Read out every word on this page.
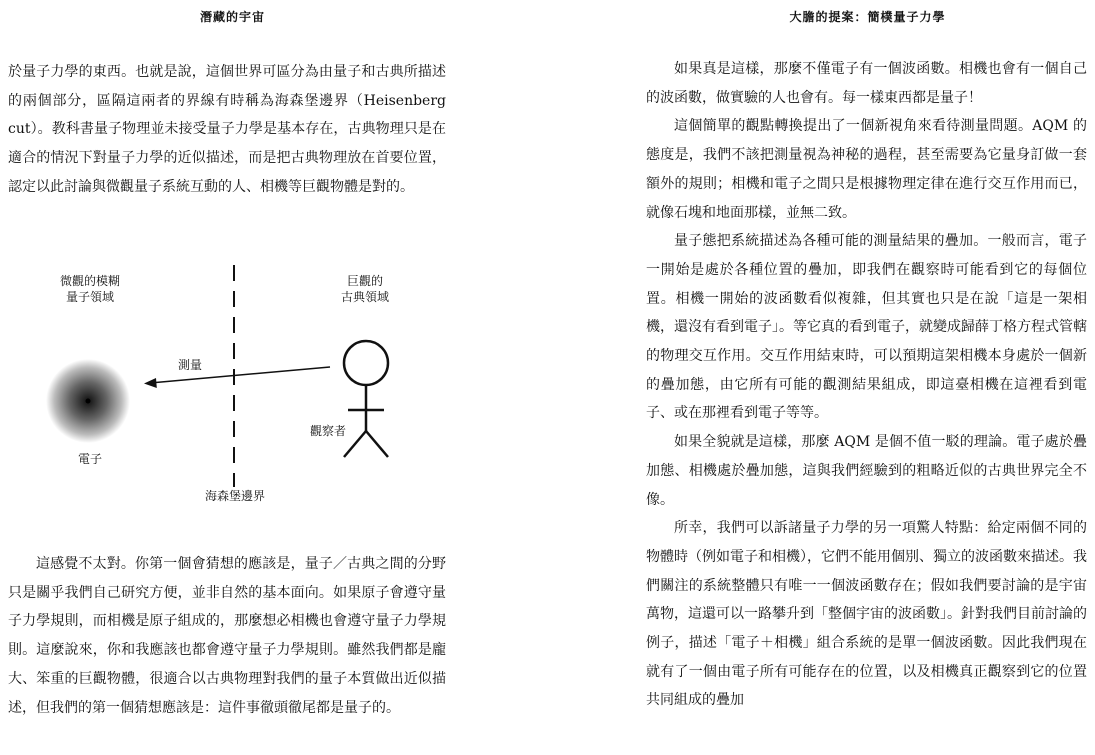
潛藏的宇宙

於量子力學的東西。也就是說，這個世界可區分為由量子和古典所描述的兩個部分，區隔這兩者的界線有時稱為海森堡邊界（Heisenberg cut）。教科書量子物理並未接受量子力學是基本存在，古典物理只是在適合的情況下對量子力學的近似描述，而是把古典物理放在首要位置，認定以此討論與微觀量子系統互動的人、相機等巨觀物體是對的。

微觀的模糊
量子領域
巨觀的
古典領域
電子
測量
觀察者
海森堡邊界

這感覺不太對。你第一個會猜想的應該是，量子／古典之間的分野只是關乎我們自己研究方便，並非自然的基本面向。如果原子會遵守量子力學規則，而相機是原子組成的，那麼想必相機也會遵守量子力學規則。這麼說來，你和我應該也都會遵守量子力學規則。雖然我們都是龐大、笨重的巨觀物體，很適合以古典物理對我們的量子本質做出近似描述，但我們的第一個猜想應該是：這件事徹頭徹尾都是量子的。

大膽的提案：簡樸量子力學

如果真是這樣，那麼不僅電子有一個波函數。相機也會有一個自己的波函數，做實驗的人也會有。每一樣東西都是量子！

這個簡單的觀點轉換提出了一個新視角來看待測量問題。AQM 的態度是，我們不該把測量視為神秘的過程，甚至需要為它量身訂做一套額外的規則；相機和電子之間只是根據物理定律在進行交互作用而已，就像石塊和地面那樣，並無二致。

量子態把系統描述為各種可能的測量結果的疊加。一般而言，電子一開始是處於各種位置的疊加，即我們在觀察時可能看到它的每個位置。相機一開始的波函數看似複雜，但其實也只是在說「這是一架相機，還沒有看到電子」。等它真的看到電子，就變成歸薛丁格方程式管轄的物理交互作用。交互作用結束時，可以預期這架相機本身處於一個新的疊加態，由它所有可能的觀測結果組成，即這臺相機在這裡看到電子、或在那裡看到電子等等。

如果全貌就是這樣，那麼 AQM 是個不值一駁的理論。電子處於疊加態、相機處於疊加態，這與我們經驗到的粗略近似的古典世界完全不像。

所幸，我們可以訴諸量子力學的另一項驚人特點：給定兩個不同的物體時（例如電子和相機），它們不能用個別、獨立的波函數來描述。我們關注的系統整體只有唯一一個波函數存在；假如我們要討論的是宇宙萬物，這還可以一路攀升到「整個宇宙的波函數」。針對我們目前討論的例子，描述「電子＋相機」組合系統的是單一個波函數。因此我們現在就有了一個由電子所有可能存在的位置，以及相機真正觀察到它的位置共同組成的疊加
